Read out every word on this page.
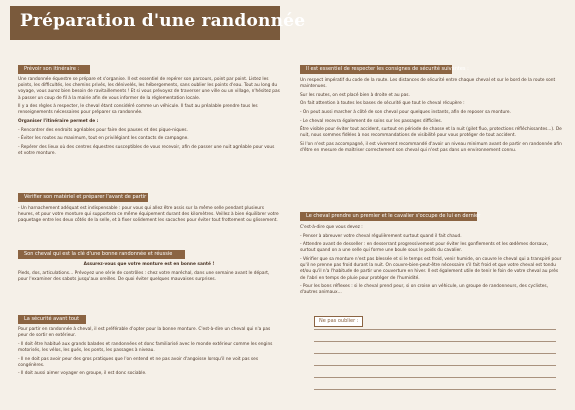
Préparation d'une randonnée
Prévoir son itinéraire :

Une randonnée équestre se prépare et s'organise. Il est essentiel de repérer son parcours, point par point. Listez les points, les difficultés, les chemins privés, les dénivelés, les hébergements, sans oublier les points d'eau. Tout au long du voyage, vous aurez bien besoin de ravitaillements ! Et si vous prévoyez de traverser une ville ou un village, n'hésitez pas à passer un coup de fil à la mairie afin de vous informer de la réglementation locale.

Il y a des règles à respecter, le cheval étant considéré comme un véhicule. Il faut au préalable prendre tous les renseignements nécessaires pour préparer sa randonnée.

Organiser l'itinéraire permet de :

- Rencontrer des endroits agréables pour faire des pauses et des pique-niques.

- Éviter les routes au maximum, tout en privilégiant les contacts de campagne.

- Repérer des lieux où des centres équestres susceptibles de vous recevoir, afin de passer une nuit agréable pour vous et votre monture.

Vérifier son matériel et préparer l'avant de partir

- Un harnachement adéquat est indispensable : pour vous qui allez être assis sur la même selle pendant plusieurs heures, et pour votre monture qui supportera ce même équipement durant des kilomètres. Veillez à bien équilibrer votre paquetage entre les deux côtés de la selle, et à fixer solidement les sacoches pour éviter tout frottement ou glissement.

Son cheval qui est la clé d'une bonne randonnée et réussie

Assurez-vous que votre monture est en bonne santé !

Pieds, dos, articulations… Prévoyez une série de contrôles : chez votre maréchal, dans une semaine avant le départ, pour l'examiner des sabots jusqu'aux oreilles. De quoi éviter quelques mauvaises surprises.

La sécurité avant tout

Pour partir en randonnée à cheval, il est préférable d'opter pour la bonne monture. C'est-à-dire un cheval qui n'a pas peur de sortir en extérieur.

- Il doit être habitué aux grands balades et randonnées et donc familiarisé avec le monde extérieur comme les engins motorisés, les vélos, les gués, les ponts, les passages à niveau.

- Il ne doit pas avoir peur des gros pratiques que l'on entend et ne pas avoir d'angoisse lorsqu'il ne voit pas ses congénères.

- Il doit aussi aimer voyager en groupe, il est donc sociable.

Il est essentiel de respecter les consignes de sécurité suivantes :

Un respect impératif du code de la route. Les distances de sécurité entre chaque cheval et sur le bord de la route sont maintenues.

Sur les routes, on est placé bien à droite et au pas.

On fait attention à toutes les bases de sécurité que tout le cheval récupère :

- On peut aussi marcher à côté de son cheval pour quelques instants, afin de reposer sa monture.

- Le cheval recevra également de soins sur les passages difficiles.

Être visible pour éviter tout accident, surtout en période de chasse et la nuit (gilet fluo, protections réfléchissantes...). De nuit, nous sommes fidèles à nos recommandations de visibilité pour vous protéger de tout accident.

Si l'on n'est pas accompagné, il est vivement recommandé d'avoir un niveau minimum avant de partir en randonnée afin d'être en mesure de maîtriser correctement son cheval qui n'est pas dans un environnement connu.

Le cheval prendre un premier et le cavalier s'occupe de lui en dernier

C'est-à-dire que vous devez :

- Penser à abreuver votre cheval régulièrement surtout quand il fait chaud.

- Attendre avant de desseller : en desserrant progressivement pour éviter les gonflements et les œdèmes dorsaux, surtout quand on a une selle qui forme une boule sous le poids du cavalier.

- Vérifier que sa monture n'est pas blessée et si le temps est froid, venir humide, on couvre le cheval qui a transpiré pour qu'il ne prenne pas froid durant la nuit. On couvre-bien-peut-être nécessaire s'il fait froid et que votre cheval est tondu et/ou qu'il n'a l'habitude de partir une couverture en hiver. Il est également utile de tenir le foin de votre cheval au près de l'abri en temps de pluie pour protéger de l'humidité.

- Pour les bons réflexes : si le cheval prend peur, si on croise un véhicule, un groupe de randonneurs, des cyclistes, d'autres animaux…

Ne pas oublier :
